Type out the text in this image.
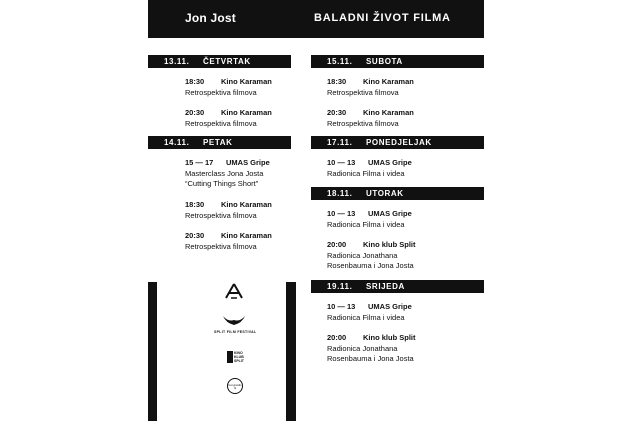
Jon Jost	BALADNI ŽIVOT FILMA
13.11. ČETVRTAK
18:30 Kino Karaman
Retrospektiva filmova
20:30 Kino Karaman
Retrospektiva filmova
14.11. PETAK
15 — 17 UMAS Gripe
Masterclass Jona Josta
“Cutting Things Short”
18:30 Kino Karaman
Retrospektiva filmova
20:30 Kino Karaman
Retrospektiva filmova
15.11. SUBOTA
18:30 Kino Karaman
Retrospektiva filmova
20:30 Kino Karaman
Retrospektiva filmova
17.11. PONEDJELJAK
10 — 13 UMAS Gripe
Radionica Filma i videa
18.11. UTORAK
10 — 13 UMAS Gripe
Radionica Filma i videa
20:00 Kino klub Split
Radionica Jonathana
Rosenbauma i Jona Josta
19.11. SRIJEDA
10 — 13 UMAS Gripe
Radionica Filma i videa
20:00 Kino klub Split
Radionica Jonathana
Rosenbauma i Jona Josta
SPLIT FILM FESTIVAL
KINO
KLUB
SPLIT
fest grandis zk
